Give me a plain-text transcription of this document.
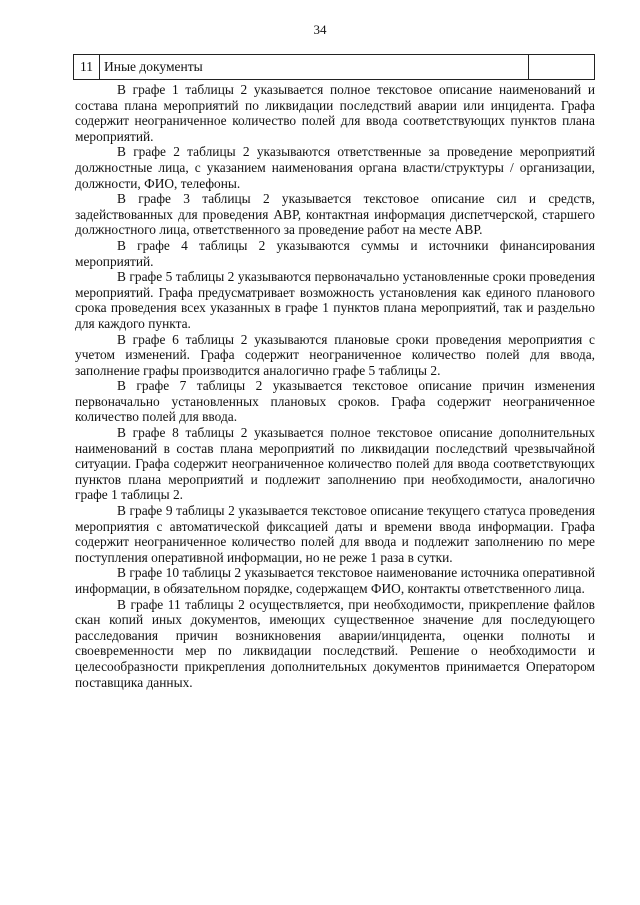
34
11 Иные документы

В графе 1 таблицы 2 указывается полное текстовое описание наименований и состава плана мероприятий по ликвидации последствий аварии или инцидента. Графа содержит неограниченное количество полей для ввода соответствующих пунктов плана мероприятий.

В графе 2 таблицы 2 указываются ответственные за проведение мероприятий должностные лица, с указанием наименования органа власти/структуры / организации, должности, ФИО, телефоны.

В графе 3 таблицы 2 указывается текстовое описание сил и средств, задействованных для проведения АВР, контактная информация диспетчерской, старшего должностного лица, ответственного за проведение работ на месте АВР.

В графе 4 таблицы 2 указываются суммы и источники финансирования мероприятий.

В графе 5 таблицы 2 указываются первоначально установленные сроки проведения мероприятий. Графа предусматривает возможность установления как единого планового срока проведения всех указанных в графе 1 пунктов плана мероприятий, так и раздельно для каждого пункта.

В графе 6 таблицы 2 указываются плановые сроки проведения мероприятия с учетом изменений. Графа содержит неограниченное количество полей для ввода, заполнение графы производится аналогично графе 5 таблицы 2.

В графе 7 таблицы 2 указывается текстовое описание причин изменения первоначально установленных плановых сроков. Графа содержит неограниченное количество полей для ввода.

В графе 8 таблицы 2 указывается полное текстовое описание дополнительных наименований в состав плана мероприятий по ликвидации последствий чрезвычайной ситуации. Графа содержит неограниченное количество полей для ввода соответствующих пунктов плана мероприятий и подлежит заполнению при необходимости, аналогично графе 1 таблицы 2.

В графе 9 таблицы 2 указывается текстовое описание текущего статуса проведения мероприятия с автоматической фиксацией даты и времени ввода информации. Графа содержит неограниченное количество полей для ввода и подлежит заполнению по мере поступления оперативной информации, но не реже 1 раза в сутки.

В графе 10 таблицы 2 указывается текстовое наименование источника оперативной информации, в обязательном порядке, содержащем ФИО, контакты ответственного лица.

В графе 11 таблицы 2 осуществляется, при необходимости, прикрепление файлов скан копий иных документов, имеющих существенное значение для последующего расследования причин возникновения аварии/инцидента, оценки полноты и своевременности мер по ликвидации последствий. Решение о необходимости и целесообразности прикрепления дополнительных документов принимается Оператором поставщика данных.
